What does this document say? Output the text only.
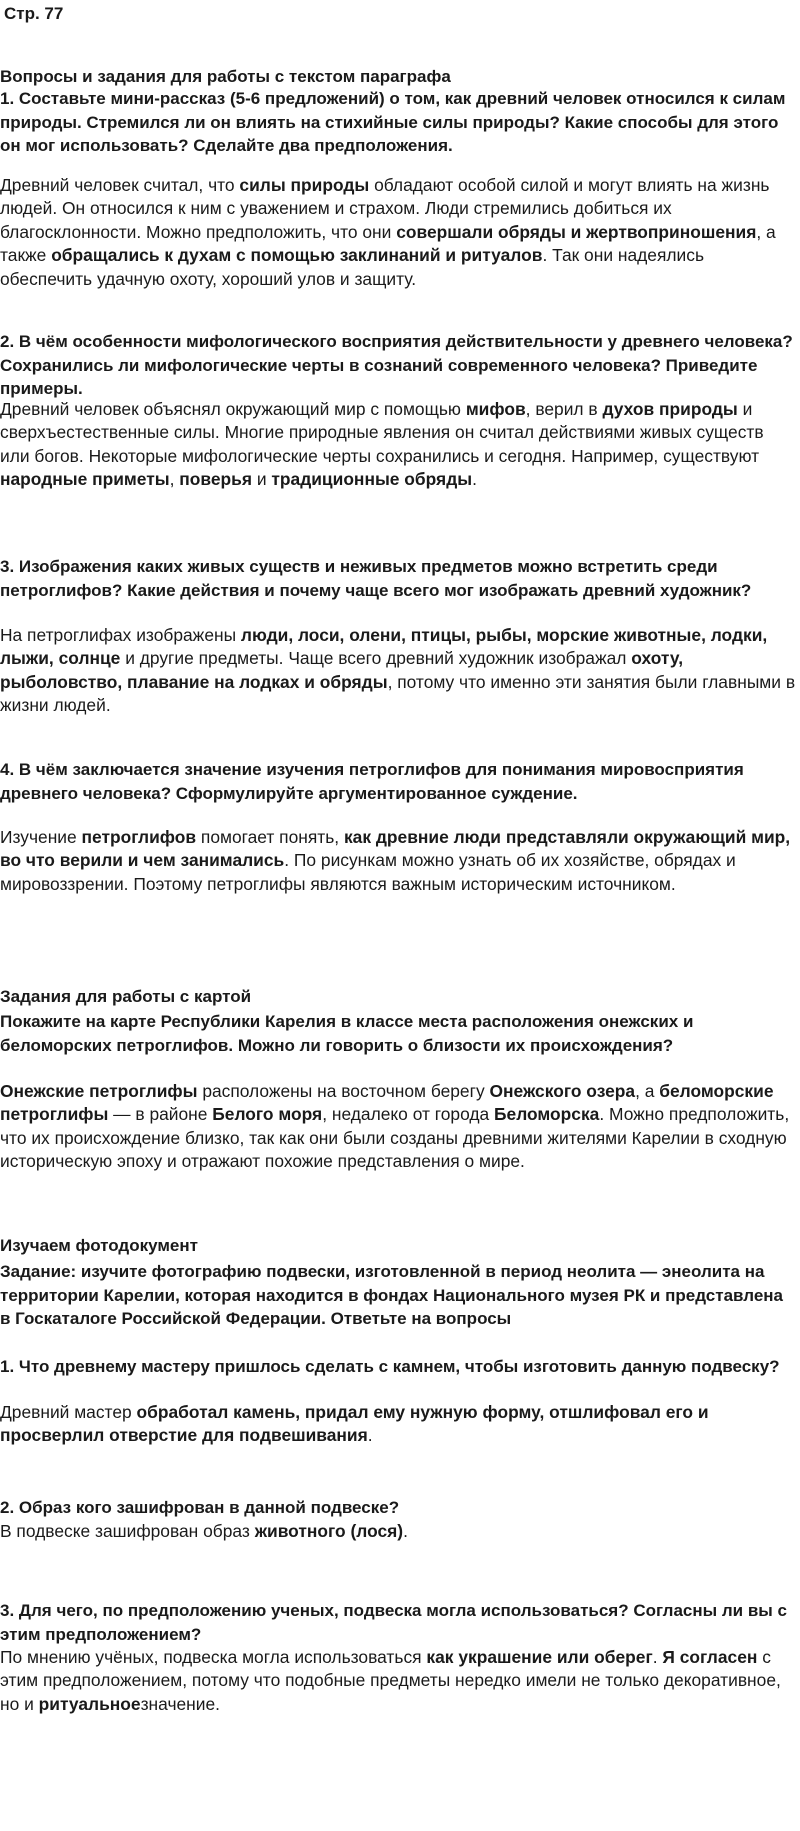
Стр. 77

Вопросы и задания для работы с текстом параграфа

1. Составьте мини-рассказ (5-6 предложений) о том, как древний человек относился к силам природы. Стремился ли он влиять на стихийные силы природы? Какие способы для этого он мог использовать? Сделайте два предположения.

Древний человек считал, что силы природы обладают особой силой и могут влиять на жизнь людей. Он относился к ним с уважением и страхом. Люди стремились добиться их благосклонности. Можно предположить, что они совершали обряды и жертвоприношения, а также обращались к духам с помощью заклинаний и ритуалов. Так они надеялись обеспечить удачную охоту, хороший улов и защиту.

2. В чём особенности мифологического восприятия действительности у древнего человека? Сохранились ли мифологические черты в сознаний современного человека? Приведите примеры.

Древний человек объяснял окружающий мир с помощью мифов, верил в духов природы и сверхъестественные силы. Многие природные явления он считал действиями живых существ или богов. Некоторые мифологические черты сохранились и сегодня. Например, существуют народные приметы, поверья и традиционные обряды.

3. Изображения каких живых существ и неживых предметов можно встретить среди петроглифов? Какие действия и почему чаще всего мог изображать древний художник?

На петроглифах изображены люди, лоси, олени, птицы, рыбы, морские животные, лодки, лыжи, солнце и другие предметы. Чаще всего древний художник изображал охоту, рыболовство, плавание на лодках и обряды, потому что именно эти занятия были главными в жизни людей.

4. В чём заключается значение изучения петроглифов для понимания мировосприятия древнего человека? Сформулируйте аргументированное суждение.

Изучение петроглифов помогает понять, как древние люди представляли окружающий мир, во что верили и чем занимались. По рисункам можно узнать об их хозяйстве, обрядах и мировоззрении. Поэтому петроглифы являются важным историческим источником.

Задания для работы с картой

Покажите на карте Республики Карелия в классе места расположения онежских и беломорских петроглифов. Можно ли говорить о близости их происхождения?

Онежские петроглифы расположены на восточном берегу Онежского озера, а беломорские петроглифы — в районе Белого моря, недалеко от города Беломорска. Можно предположить, что их происхождение близко, так как они были созданы древними жителями Карелии в сходную историческую эпоху и отражают похожие представления о мире.

Изучаем фотодокумент

Задание: изучите фотографию подвески, изготовленной в период неолита — энеолита на территории Карелии, которая находится в фондах Национального музея РК и представлена в Госкаталоге Российской Федерации. Ответьте на вопросы

1. Что древнему мастеру пришлось сделать с камнем, чтобы изготовить данную подвеску?

Древний мастер обработал камень, придал ему нужную форму, отшлифовал его и просверлил отверстие для подвешивания.

2. Образ кого зашифрован в данной подвеске?

В подвеске зашифрован образ животного (лося).

3. Для чего, по предположению ученых, подвеска могла использоваться? Согласны ли вы с этим предположением?

По мнению учёных, подвеска могла использоваться как украшение или оберег. Я согласен с этим предположением, потому что подобные предметы нередко имели не только декоративное, но и ритуальноезначение.
